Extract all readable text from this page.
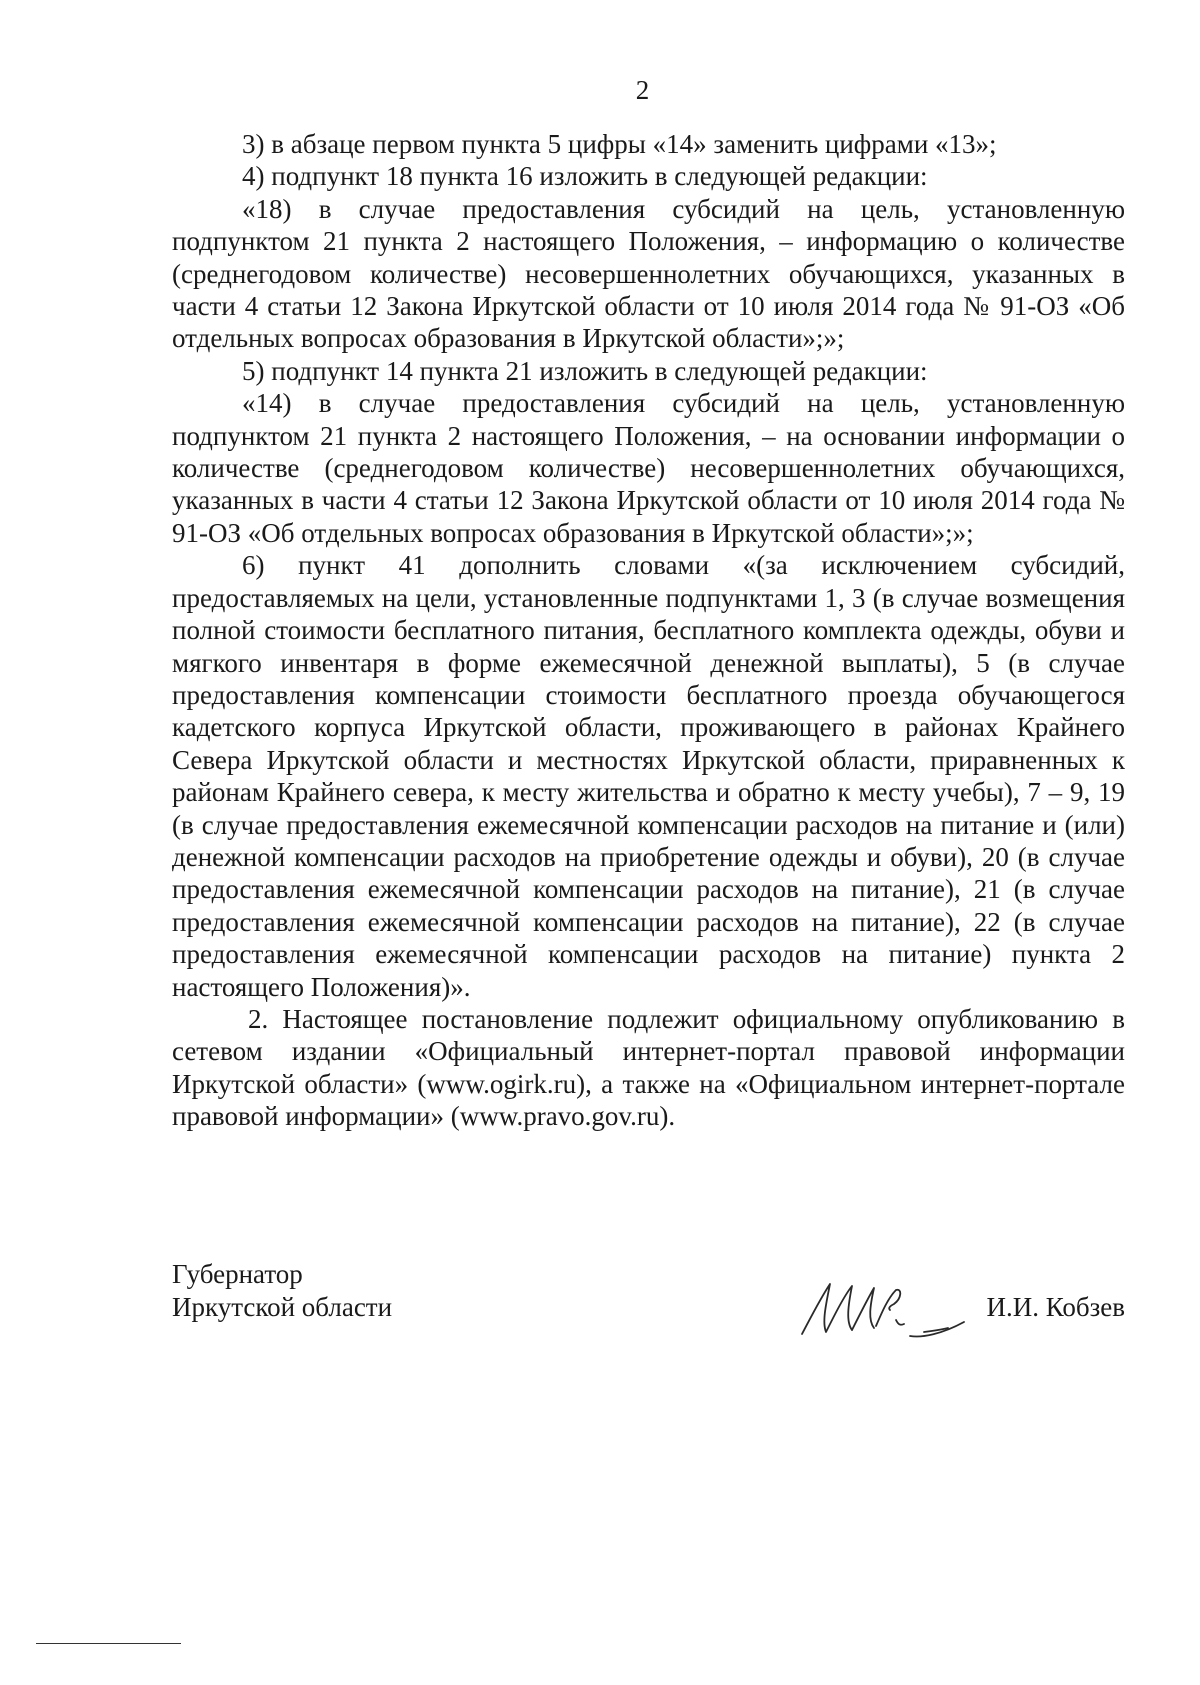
2

3) в абзаце первом пункта 5 цифры «14» заменить цифрами «13»;

4) подпункт 18 пункта 16 изложить в следующей редакции:

«18) в случае предоставления субсидий на цель, установленную подпунктом 21 пункта 2 настоящего Положения, – информацию о количестве (среднегодовом количестве) несовершеннолетних обучающихся, указанных в части 4 статьи 12 Закона Иркутской области от 10 июля 2014 года № 91-ОЗ «Об отдельных вопросах образования в Иркутской области»;»;

5) подпункт 14 пункта 21 изложить в следующей редакции:

«14) в случае предоставления субсидий на цель, установленную подпунктом 21 пункта 2 настоящего Положения, – на основании информации о количестве (среднегодовом количестве) несовершеннолетних обучающихся, указанных в части 4 статьи 12 Закона Иркутской области от 10 июля 2014 года № 91-ОЗ «Об отдельных вопросах образования в Иркутской области»;»;

6) пункт 41 дополнить словами «(за исключением субсидий, предоставляемых на цели, установленные подпунктами 1, 3 (в случае возмещения полной стоимости бесплатного питания, бесплатного комплекта одежды, обуви и мягкого инвентаря в форме ежемесячной денежной выплаты), 5 (в случае предоставления компенсации стоимости бесплатного проезда обучающегося кадетского корпуса Иркутской области, проживающего в районах Крайнего Севера Иркутской области и местностях Иркутской области, приравненных к районам Крайнего севера, к месту жительства и обратно к месту учебы), 7 – 9, 19 (в случае предоставления ежемесячной компенсации расходов на питание и (или) денежной компенсации расходов на приобретение одежды и обуви), 20 (в случае предоставления ежемесячной компенсации расходов на питание), 21 (в случае предоставления ежемесячной компенсации расходов на питание), 22 (в случае предоставления ежемесячной компенсации расходов на питание) пункта 2 настоящего Положения)».

2. Настоящее постановление подлежит официальному опубликованию в сетевом издании «Официальный интернет-портал правовой информации Иркутской области» (www.ogirk.ru), а также на «Официальном интернет-портале правовой информации» (www.pravo.gov.ru).

Губернатор
Иркутской области	И.И. Кобзев
